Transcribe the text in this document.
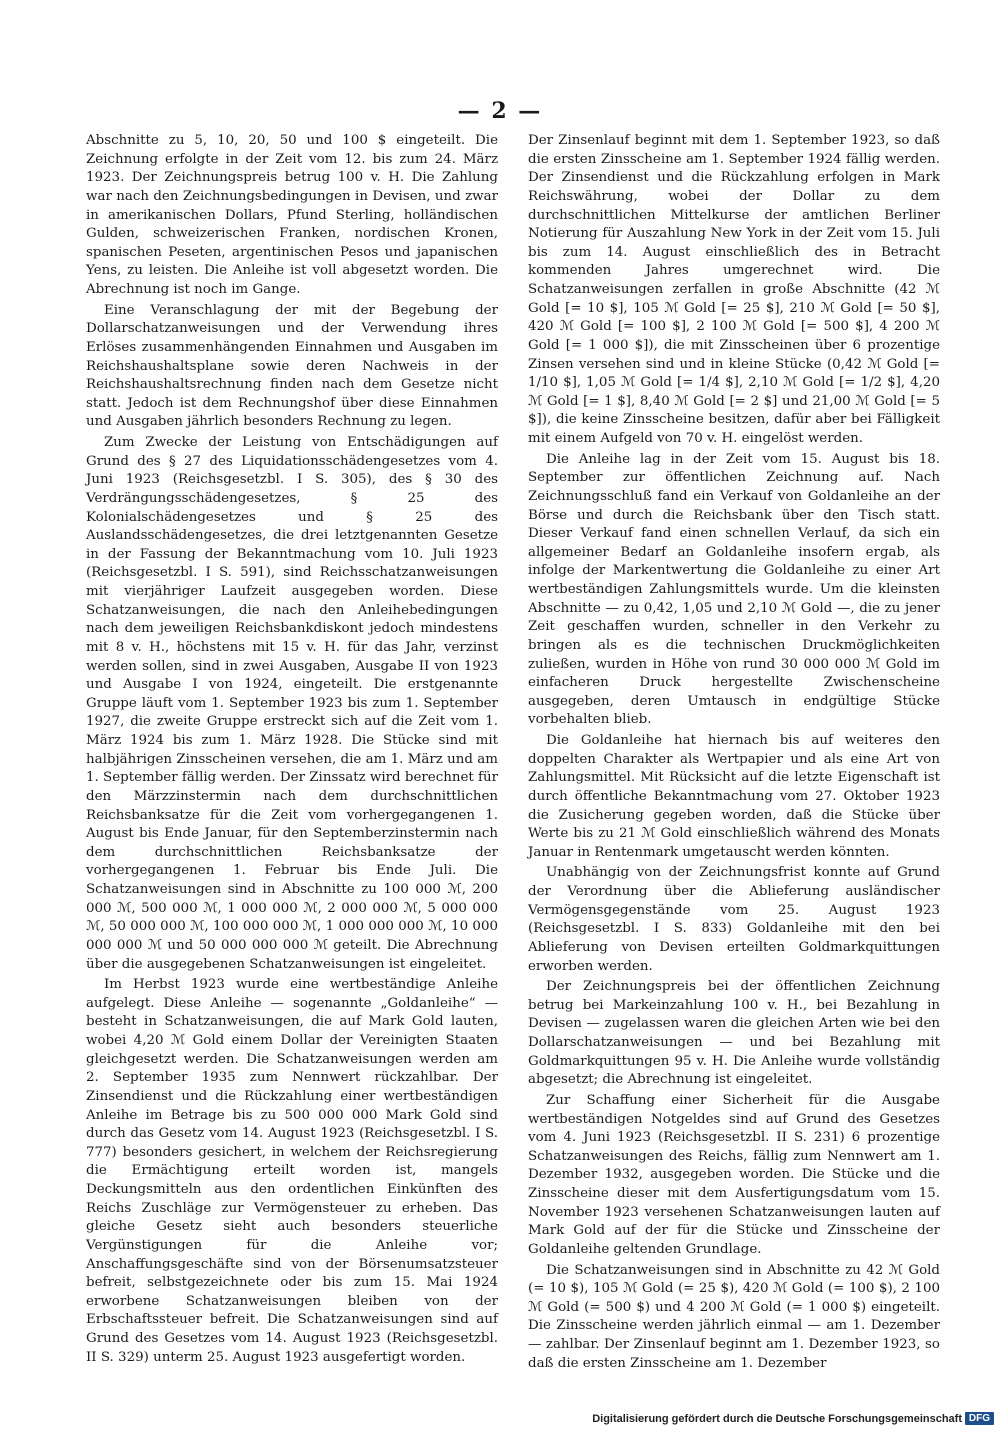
— 2 —

Abschnitte zu 5, 10, 20, 50 und 100 $ eingeteilt. Die Zeichnung erfolgte in der Zeit vom 12. bis zum 24. März 1923. Der Zeichnungspreis betrug 100 v. H. Die Zahlung war nach den Zeichnungsbedingungen in Devisen, und zwar in amerikanischen Dollars, Pfund Sterling, holländischen Gulden, schweizerischen Franken, nordischen Kronen, spanischen Peseten, argentinischen Pesos und japanischen Yens, zu leisten. Die Anleihe ist voll abgesetzt worden. Die Abrechnung ist noch im Gange.

Eine Veranschlagung der mit der Begebung der Dollarschatzanweisungen und der Verwendung ihres Erlöses zusammenhängenden Einnahmen und Ausgaben im Reichshaushaltsplane sowie deren Nachweis in der Reichshaushaltsrechnung finden nach dem Gesetze nicht statt. Jedoch ist dem Rechnungshof über diese Einnahmen und Ausgaben jährlich besonders Rechnung zu legen.

Zum Zwecke der Leistung von Entschädigungen auf Grund des § 27 des Liquidationsschädengesetzes vom 4. Juni 1923 (Reichsgesetzbl. I S. 305), des § 30 des Verdrängungsschädengesetzes, § 25 des Kolonialschädengesetzes und § 25 des Auslandsschädengesetzes, die drei letztgenannten Gesetze in der Fassung der Bekanntmachung vom 10. Juli 1923 (Reichsgesetzbl. I S. 591), sind Reichsschatzanweisungen mit vierjähriger Laufzeit ausgegeben worden. Diese Schatzanweisungen, die nach den Anleihebedingungen nach dem jeweiligen Reichsbankdiskont jedoch mindestens mit 8 v. H., höchstens mit 15 v. H. für das Jahr, verzinst werden sollen, sind in zwei Ausgaben, Ausgabe II von 1923 und Ausgabe I von 1924, eingeteilt. Die erstgenannte Gruppe läuft vom 1. September 1923 bis zum 1. September 1927, die zweite Gruppe erstreckt sich auf die Zeit vom 1. März 1924 bis zum 1. März 1928. Die Stücke sind mit halbjährigen Zinsscheinen versehen, die am 1. März und am 1. September fällig werden. Der Zinssatz wird berechnet für den Märzzinstermin nach dem durchschnittlichen Reichsbanksatze für die Zeit vom vorhergegangenen 1. August bis Ende Januar, für den Septemberzinstermin nach dem durchschnittlichen Reichsbanksatze der vorhergegangenen 1. Februar bis Ende Juli. Die Schatzanweisungen sind in Abschnitte zu 100 000 ℳ, 200 000 ℳ, 500 000 ℳ, 1 000 000 ℳ, 2 000 000 ℳ, 5 000 000 ℳ, 50 000 000 ℳ, 100 000 000 ℳ, 1 000 000 000 ℳ, 10 000 000 000 ℳ und 50 000 000 000 ℳ geteilt. Die Abrechnung über die ausgegebenen Schatzanweisungen ist eingeleitet.

Im Herbst 1923 wurde eine wertbeständige Anleihe aufgelegt. Diese Anleihe — sogenannte „Goldanleihe“ — besteht in Schatzanweisungen, die auf Mark Gold lauten, wobei 4,20 ℳ Gold einem Dollar der Vereinigten Staaten gleichgesetzt werden. Die Schatzanweisungen werden am 2. September 1935 zum Nennwert rückzahlbar. Der Zinsendienst und die Rückzahlung einer wertbeständigen Anleihe im Betrage bis zu 500 000 000 Mark Gold sind durch das Gesetz vom 14. August 1923 (Reichsgesetzbl. I S. 777) besonders gesichert, in welchem der Reichsregierung die Ermächtigung erteilt worden ist, mangels Deckungsmitteln aus den ordentlichen Einkünften des Reichs Zuschläge zur Vermögensteuer zu erheben. Das gleiche Gesetz sieht auch besonders steuerliche Vergünstigungen für die Anleihe vor; Anschaffungsgeschäfte sind von der Börsenumsatzsteuer befreit, selbstgezeichnete oder bis zum 15. Mai 1924 erworbene Schatzanweisungen bleiben von der Erbschaftssteuer befreit. Die Schatzanweisungen sind auf Grund des Gesetzes vom 14. August 1923 (Reichsgesetzbl. II S. 329) unterm 25. August 1923 ausgefertigt worden.

Der Zinsenlauf beginnt mit dem 1. September 1923, so daß die ersten Zinsscheine am 1. September 1924 fällig werden. Der Zinsendienst und die Rückzahlung erfolgen in Mark Reichswährung, wobei der Dollar zu dem durchschnittlichen Mittelkurse der amtlichen Berliner Notierung für Auszahlung New York in der Zeit vom 15. Juli bis zum 14. August einschließlich des in Betracht kommenden Jahres umgerechnet wird. Die Schatzanweisungen zerfallen in große Abschnitte (42 ℳ Gold [= 10 $], 105 ℳ Gold [= 25 $], 210 ℳ Gold [= 50 $], 420 ℳ Gold [= 100 $], 2 100 ℳ Gold [= 500 $], 4 200 ℳ Gold [= 1 000 $]), die mit Zinsscheinen über 6 prozentige Zinsen versehen sind und in kleine Stücke (0,42 ℳ Gold [= 1/10 $], 1,05 ℳ Gold [= 1/4 $], 2,10 ℳ Gold [= 1/2 $], 4,20 ℳ Gold [= 1 $], 8,40 ℳ Gold [= 2 $] und 21,00 ℳ Gold [= 5 $]), die keine Zinsscheine besitzen, dafür aber bei Fälligkeit mit einem Aufgeld von 70 v. H. eingelöst werden.

Die Anleihe lag in der Zeit vom 15. August bis 18. September zur öffentlichen Zeichnung auf. Nach Zeichnungsschluß fand ein Verkauf von Goldanleihe an der Börse und durch die Reichsbank über den Tisch statt. Dieser Verkauf fand einen schnellen Verlauf, da sich ein allgemeiner Bedarf an Goldanleihe insofern ergab, als infolge der Markentwertung die Goldanleihe zu einer Art wertbeständigen Zahlungsmittels wurde. Um die kleinsten Abschnitte — zu 0,42, 1,05 und 2,10 ℳ Gold —, die zu jener Zeit geschaffen wurden, schneller in den Verkehr zu bringen als es die technischen Druckmöglichkeiten zuließen, wurden in Höhe von rund 30 000 000 ℳ Gold im einfacheren Druck hergestellte Zwischenscheine ausgegeben, deren Umtausch in endgültige Stücke vorbehalten blieb.

Die Goldanleihe hat hiernach bis auf weiteres den doppelten Charakter als Wertpapier und als eine Art von Zahlungsmittel. Mit Rücksicht auf die letzte Eigenschaft ist durch öffentliche Bekanntmachung vom 27. Oktober 1923 die Zusicherung gegeben worden, daß die Stücke über Werte bis zu 21 ℳ Gold einschließlich während des Monats Januar in Rentenmark umgetauscht werden könnten.

Unabhängig von der Zeichnungsfrist konnte auf Grund der Verordnung über die Ablieferung ausländischer Vermögensgegenstände vom 25. August 1923 (Reichsgesetzbl. I S. 833) Goldanleihe mit den bei Ablieferung von Devisen erteilten Goldmarkquittungen erworben werden.

Der Zeichnungspreis bei der öffentlichen Zeichnung betrug bei Markeinzahlung 100 v. H., bei Bezahlung in Devisen — zugelassen waren die gleichen Arten wie bei den Dollarschatzanweisungen — und bei Bezahlung mit Goldmarkquittungen 95 v. H. Die Anleihe wurde vollständig abgesetzt; die Abrechnung ist eingeleitet.

Zur Schaffung einer Sicherheit für die Ausgabe wertbeständigen Notgeldes sind auf Grund des Gesetzes vom 4. Juni 1923 (Reichsgesetzbl. II S. 231) 6 prozentige Schatzanweisungen des Reichs, fällig zum Nennwert am 1. Dezember 1932, ausgegeben worden. Die Stücke und die Zinsscheine dieser mit dem Ausfertigungsdatum vom 15. November 1923 versehenen Schatzanweisungen lauten auf Mark Gold auf der für die Stücke und Zinsscheine der Goldanleihe geltenden Grundlage.

Die Schatzanweisungen sind in Abschnitte zu 42 ℳ Gold (= 10 $), 105 ℳ Gold (= 25 $), 420 ℳ Gold (= 100 $), 2 100 ℳ Gold (= 500 $) und 4 200 ℳ Gold (= 1 000 $) eingeteilt. Die Zinsscheine werden jährlich einmal — am 1. Dezember — zahlbar. Der Zinsenlauf beginnt am 1. Dezember 1923, so daß die ersten Zinsscheine am 1. Dezember

Digitalisierung gefördert durch die Deutsche Forschungsgemeinschaft DFG
